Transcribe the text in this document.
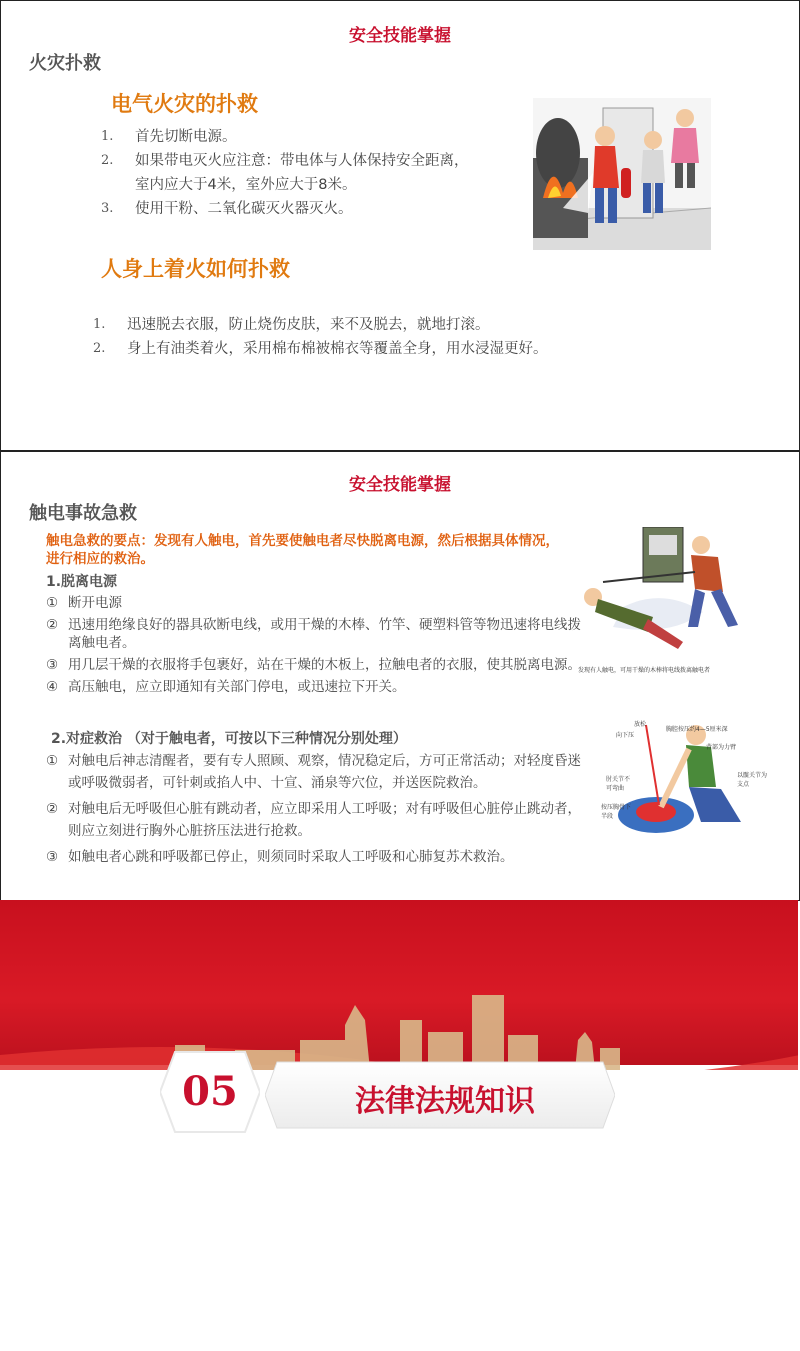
安全技能掌握
火灾扑救
电气火灾的扑救
1. 首先切断电源。
2. 如果带电灭火应注意：带电体与人体保持安全距离，室内应大于4米，室外应大于8米。
3. 使用干粉、二氧化碳灭火器灭火。
人身上着火如何扑救
1. 迅速脱去衣服，防止烧伤皮肤，来不及脱去，就地打滚。
2. 身上有油类着火，采用棉布棉被棉衣等覆盖全身，用水浸湿更好。
安全技能掌握
触电事故急救
触电急救的要点：发现有人触电，首先要使触电者尽快脱离电源，然后根据具体情况，进行相应的救治。
1.脱离电源
① 断开电源
② 迅速用绝缘良好的器具砍断电线，或用干燥的木棒、竹竿、硬塑料管等物迅速将电线拨离触电者。
③ 用几层干燥的衣服将手包裹好，站在干燥的木板上，拉触电者的衣服，使其脱离电源。
④ 高压触电，应立即通知有关部门停电，或迅速拉下开关。
2.对症救治 （对于触电者，可按以下三种情况分别处理）
① 对触电后神志清醒者，要有专人照顾、观察，情况稳定后，方可正常活动；对轻度昏迷或呼吸微弱者，可针刺或掐人中、十宣、涌泉等穴位，并送医院救治。
② 对触电后无呼吸但心脏有跳动者，应立即采用人工呼吸；对有呼吸但心脏停止跳动者，则应立刻进行胸外心脏挤压法进行抢救。
③ 如触电者心跳和呼吸都已停止，则须同时采取人工呼吸和心肺复苏术救治。
发现有人触电，可用干燥的木棒将电线拨离触电者
放松
向下压
胸腔按压约4—5厘米深
背部为力臂
肘关节不可弯曲
以髋关节为支点
按压胸骨下半段
05	法律法规知识
